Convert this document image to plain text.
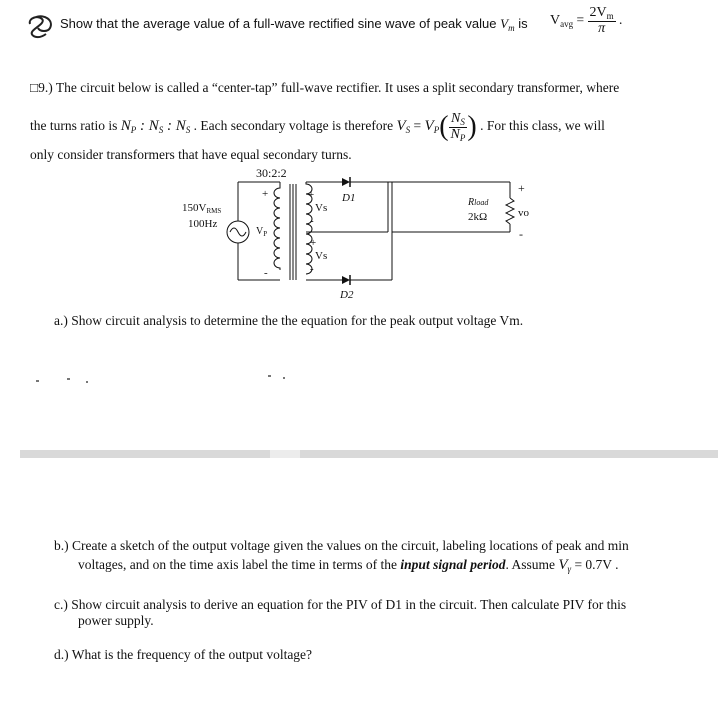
Show that the average value of a full-wave rectified sine wave of peak value $V_m$ is $V_{avg} = \frac{2V_m}{\pi}$ .
□9.) The circuit below is called a “center-tap” full-wave rectifier. It uses a split secondary transformer, where
the turns ratio is $N_P$ : $N_S$ : $N_S$ . Each secondary voltage is therefore $V_S = V_P( \frac{N_S}{N_P}$ ) . For this class, we will
only consider transformers that have equal secondary turns.
30:2:2
150VRMS
100Hz
$V_P$
+
-
+
Vs
-
+
Vs
-
D1
D2
Rload
2kΩ
+
vo
-
a.) Show circuit analysis to determine the the equation for the peak output voltage Vm.
b.) Create a sketch of the output voltage given the values on the circuit, labeling locations of peak and min
voltages, and on the time axis label the time in terms of the input signal period. Assume $V_\gamma = 0.7V$ .
c.) Show circuit analysis to derive an equation for the PIV of D1 in the circuit. Then calculate PIV for this
power supply.
d.) What is the frequency of the output voltage?
